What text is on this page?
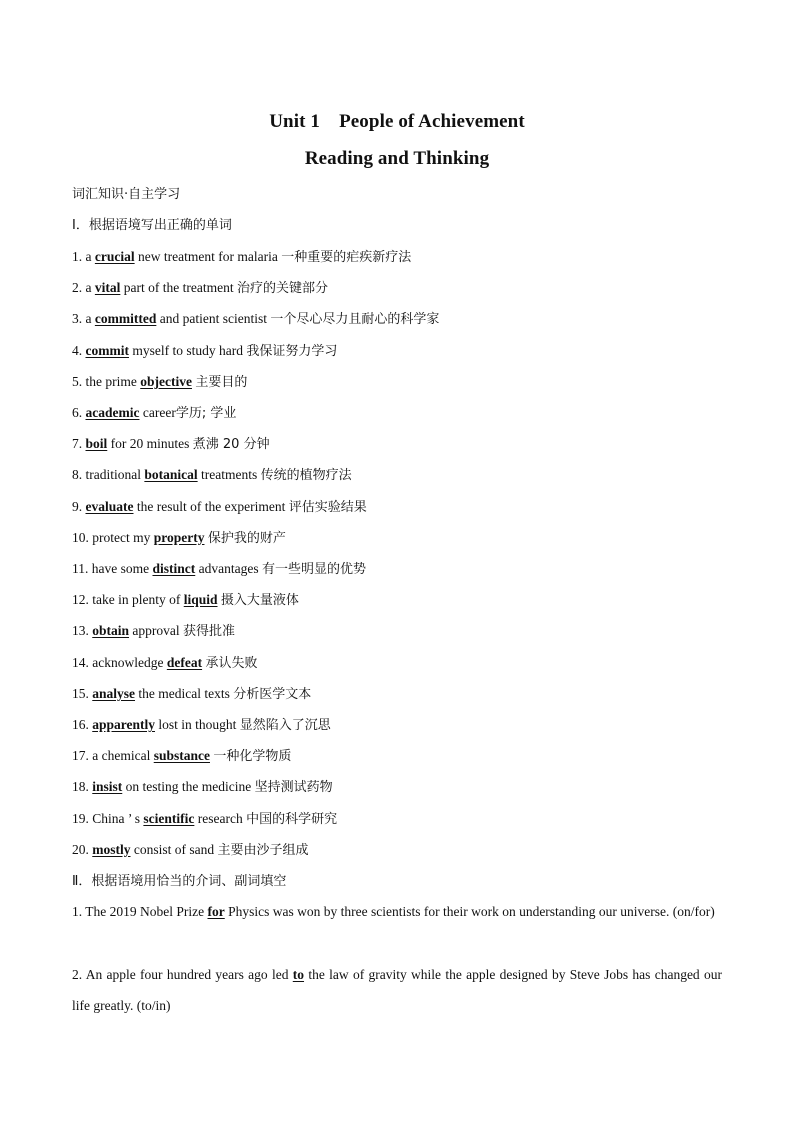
Unit 1　People of Achievement
Reading and Thinking
词汇知识·自主学习
Ⅰ．根据语境写出正确的单词
1. a crucial new treatment for malaria 一种重要的疟疾新疗法
2. a vital part of the treatment 治疗的关键部分
3. a committed and patient scientist 一个尽心尽力且耐心的科学家
4. commit myself to study hard 我保证努力学习
5. the prime objective 主要目的
6. academic career学历; 学业
7. boil for 20 minutes 煮沸 20 分钟
8. traditional botanical treatments 传统的植物疗法
9. evaluate the result of the experiment 评估实验结果
10. protect my property 保护我的财产
11. have some distinct advantages 有一些明显的优势
12. take in plenty of liquid 摄入大量液体
13. obtain approval 获得批准
14. acknowledge defeat 承认失败
15. analyse the medical texts 分析医学文本
16. apparently lost in thought 显然陷入了沉思
17. a chemical substance 一种化学物质
18. insist on testing the medicine 坚持测试药物
19. China ’ s scientific research 中国的科学研究
20. mostly consist of sand 主要由沙子组成
Ⅱ．根据语境用恰当的介词、副词填空
1. The 2019 Nobel Prize for Physics was won by three scientists for their work on understanding our universe. (on/for)
2. An apple four hundred years ago led to the law of gravity while the apple designed by Steve Jobs has changed our life greatly. (to/in)
